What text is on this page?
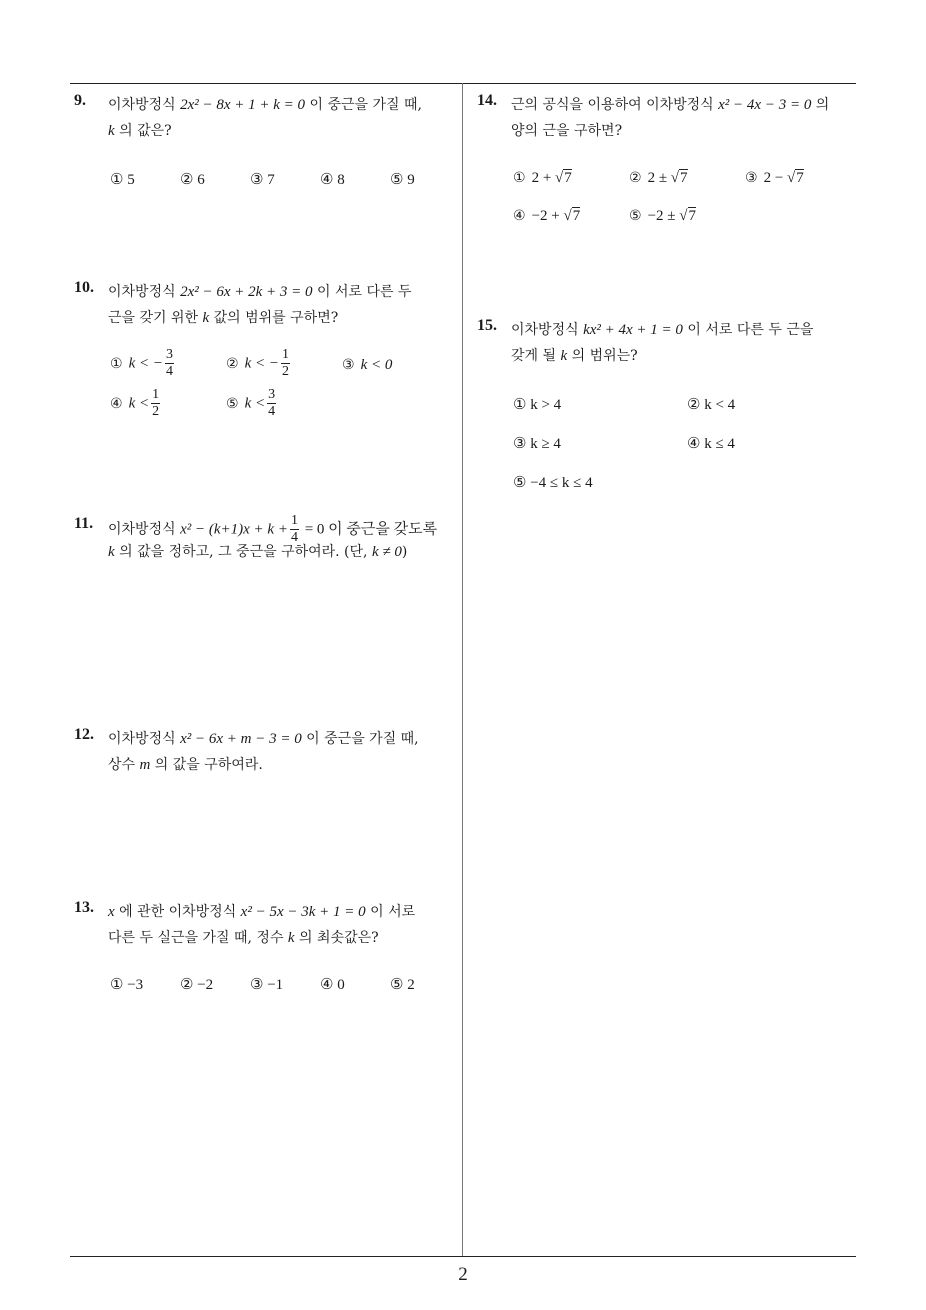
9. 이차방정식 2x² − 8x + 1 + k = 0 이 중근을 가질 때,
k 의 값은?
① 5	② 6	③ 7	④ 8	⑤ 9
10. 이차방정식 2x² − 6x + 2k + 3 = 0 이 서로 다른 두
근을 갖기 위한 k 값의 범위를 구하면?
① k < − $\frac{3}{4}$	② k < − $\frac{1}{2}$	③ k < 0
④ $k < \frac{1}{2}$	⑤ $k < \frac{3}{4}$
11. 이차방정식 $x^2 - (k+1)x + k + \frac{1}{4} = 0$ 이 중근을 갖도록
k 의 값을 정하고, 그 중근을 구하여라. (단, k ≠ 0)
12. 이차방정식 x² − 6x + m − 3 = 0 이 중근을 가질 때,
상수 m 의 값을 구하여라.
13. x 에 관한 이차방정식 x² − 5x − 3k + 1 = 0 이 서로
다른 두 실근을 가질 때, 정수 k 의 최솟값은?
① −3 ② −2 ③ −1 ④ 0	⑤ 2
14. 근의 공식을 이용하여 이차방정식 x² − 4x − 3 = 0 의
양의 근을 구하면?
① 2 + √7	② 2 ± √7	③ 2 − √7
④ −2 + √7	⑤ −2 ± √7
15. 이차방정식 kx² + 4x + 1 = 0 이 서로 다른 두 근을
갖게 될 k 의 범위는?
① k > 4	② k < 4
③ k ≥ 4	④ k ≤ 4
⑤ −4 ≤ k ≤ 4
2
